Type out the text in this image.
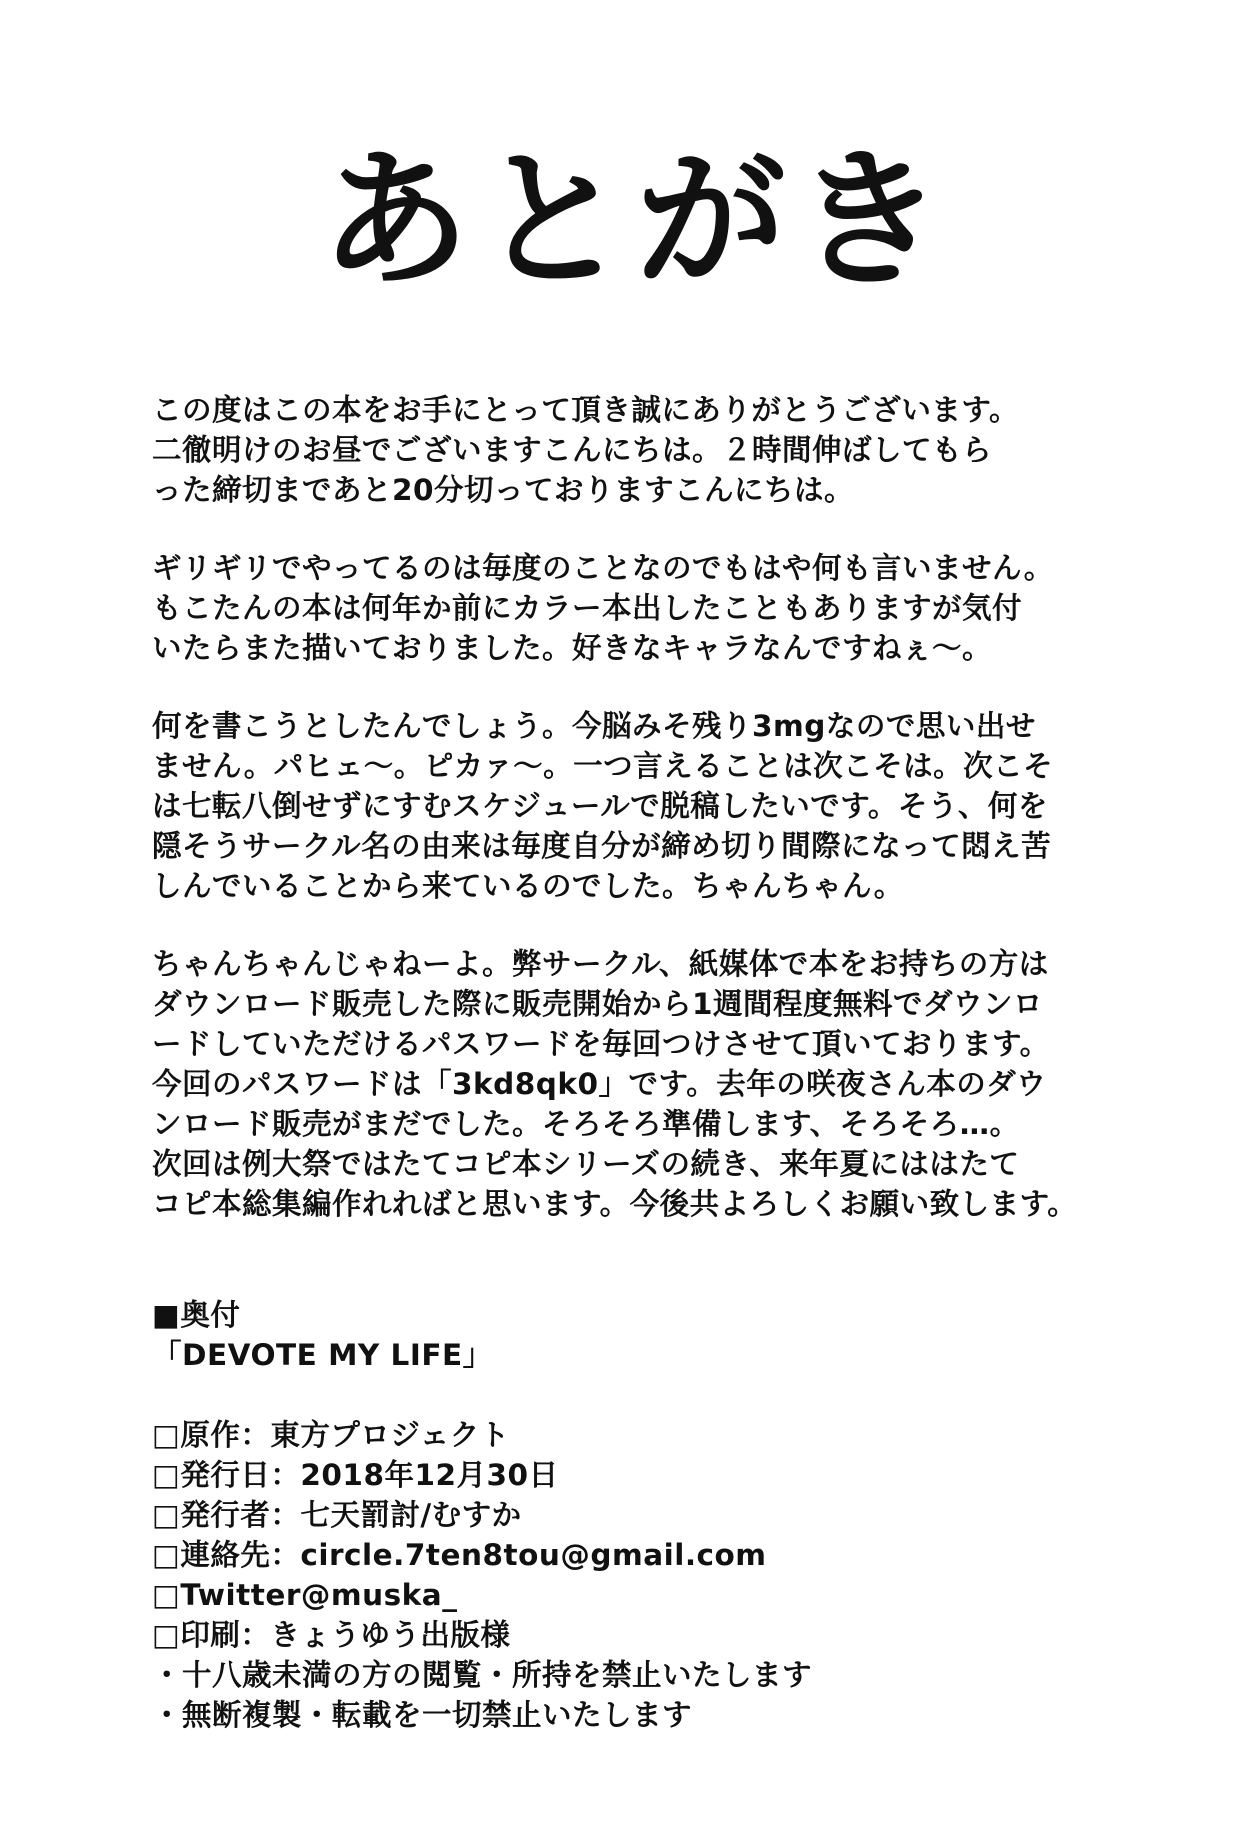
あとがき
この度はこの本をお手にとって頂き誠にありがとうございます。
二徹明けのお昼でございますこんにちは。２時間伸ばしてもら
った締切まであと20分切っておりますこんにちは。
ギリギリでやってるのは毎度のことなのでもはや何も言いません。
もこたんの本は何年か前にカラー本出したこともありますが気付
いたらまた描いておりました。好きなキャラなんですねぇ～。
何を書こうとしたんでしょう。今脳みそ残り3mgなので思い出せ
ません。パヒェ～。ピカァ～。一つ言えることは次こそは。次こそ
は七転八倒せずにすむスケジュールで脱稿したいです。そう、何を
隠そうサークル名の由来は毎度自分が締め切り間際になって悶え苦
しんでいることから来ているのでした。ちゃんちゃん。
ちゃんちゃんじゃねーよ。弊サークル、紙媒体で本をお持ちの方は
ダウンロード販売した際に販売開始から1週間程度無料でダウンロ
ードしていただけるパスワードを毎回つけさせて頂いております。
今回のパスワードは「3kd8qk0」です。去年の咲夜さん本のダウ
ンロード販売がまだでした。そろそろ準備します、そろそろ…。
次回は例大祭ではたてコピ本シリーズの続き、来年夏にははたて
コピ本総集編作れればと思います。今後共よろしくお願い致します。
■奥付
「DEVOTE MY LIFE」
□原作：東方プロジェクト
□発行日：2018年12月30日
□発行者：七天罰討/むすか
□連絡先：circle.7ten8tou@gmail.com
□Twitter@muska_
□印刷：きょうゆう出版様
・十八歳未満の方の閲覧・所持を禁止いたします
・無断複製・転載を一切禁止いたします
